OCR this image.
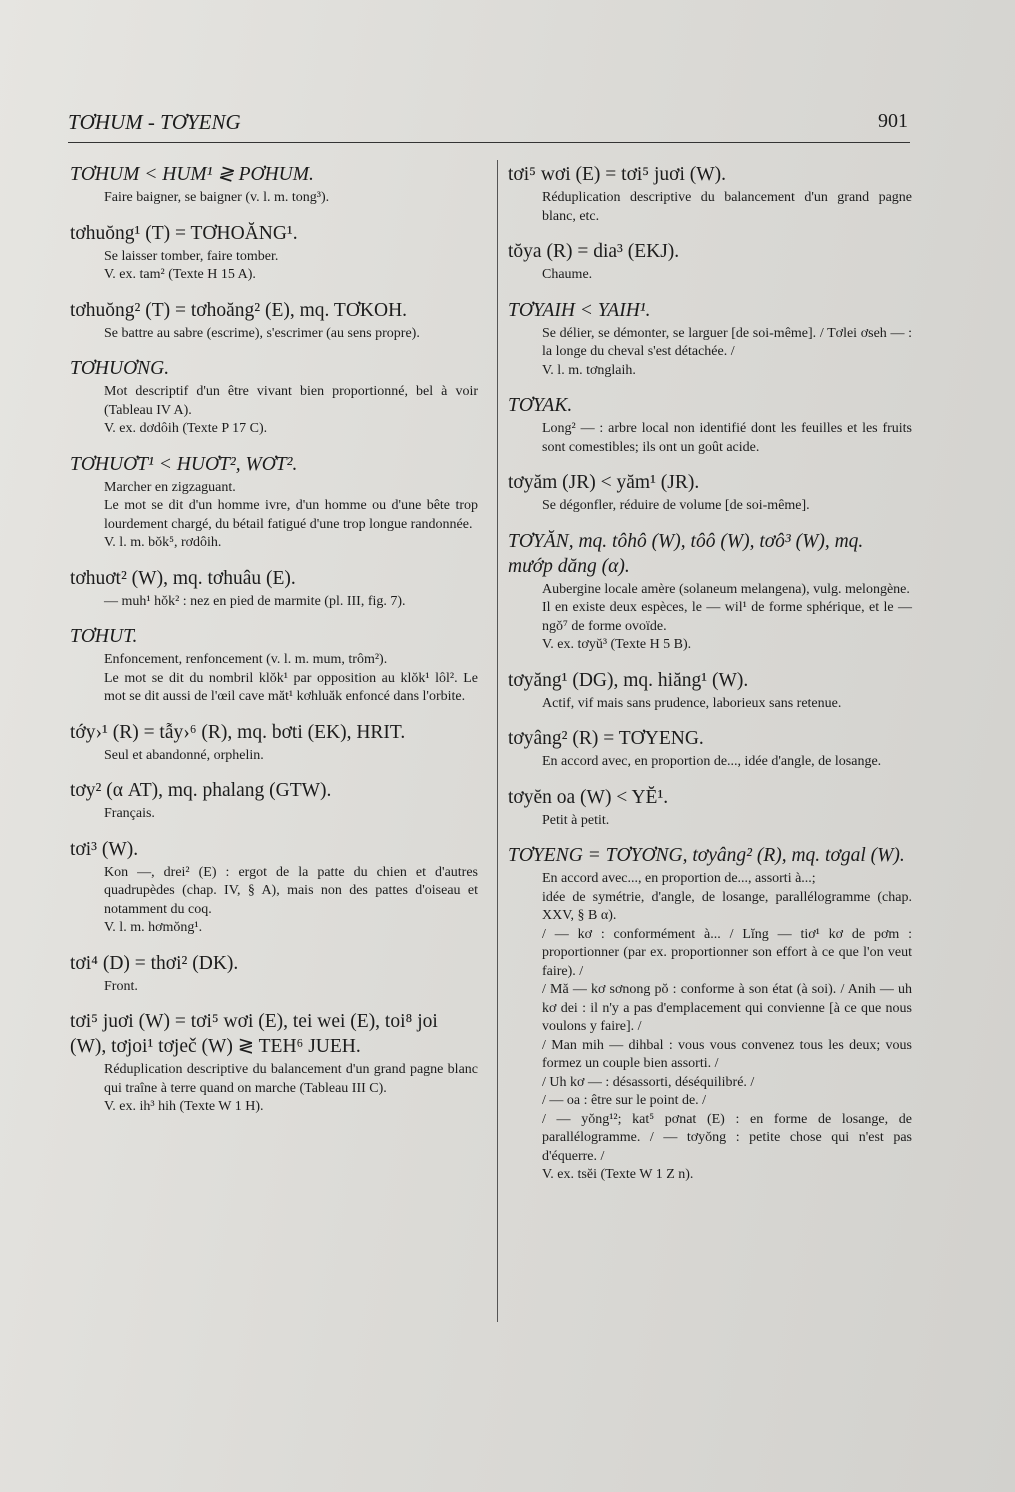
TƠHUM - TƠYENG	901
TƠHUM < HUM¹ ≷ PƠHUM.

Faire baigner, se baigner (v. l. m. tong³).

tơhuŏng¹ (T) = TƠHOĂNG¹.

Se laisser tomber, faire tomber.

V. ex. tam² (Texte H 15 A).

tơhuŏng² (T) = tơhoăng² (E), mq. TƠKOH.

Se battre au sabre (escrime), s'escrimer (au sens propre).

TƠHUƠNG.

Mot descriptif d'un être vivant bien proportionné, bel à voir (Tableau IV A).

V. ex. dơdôih (Texte P 17 C).

TƠHUƠT¹ < HUƠT², WƠT².

Marcher en zigzaguant.

Le mot se dit d'un homme ivre, d'un homme ou d'une bête trop lourdement chargé, du bétail fatigué d'une trop longue randonnée.

V. l. m. bŏk⁵, rơdôih.

tơhuơt² (W), mq. tơhuâu (E).

— muh¹ hŏk² : nez en pied de marmite (pl. III, fig. 7).

TƠHUT.

Enfoncement, renfoncement (v. l. m. mum, trôm²).

Le mot se dit du nombril klŏk¹ par opposition au klŏk¹ lôl². Le mot se dit aussi de l'œil cave măt¹ kơhluăk enfoncé dans l'orbite.

tớy›¹ (R) = tẫy›⁶ (R), mq. bơti (EK), HRIT.

Seul et abandonné, orphelin.

tơy² (α AT), mq. phalang (GTW).

Français.

tơi³ (W).

Kon —, drei² (E) : ergot de la patte du chien et d'autres quadrupèdes (chap. IV, § A), mais non des pattes d'oiseau et notamment du coq.

V. l. m. hơmŏng¹.

tơi⁴ (D) = thơi² (DK).

Front.

tơi⁵ juơi (W) = tơi⁵ wơi (E), tei wei (E), toi⁸ joi (W), tơjoi¹ tơječ (W) ≷ TEH⁶ JUEH.

Réduplication descriptive du balancement d'un grand pagne blanc qui traîne à terre quand on marche (Tableau III C).

V. ex. ih³ hih (Texte W 1 H).

tơi⁵ wơi (E) = tơi⁵ juơi (W).

Réduplication descriptive du balancement d'un grand pagne blanc, etc.

tŏya (R) = dia³ (EKJ).

Chaume.

TƠYAIH < YAIH¹.

Se délier, se démonter, se larguer [de soi-même]. / Tơlei ơseh — : la longe du cheval s'est détachée. /

V. l. m. tơnglaih.

TƠYAK.

Long² — : arbre local non identifié dont les feuilles et les fruits sont comestibles; ils ont un goût acide.

tơyăm (JR) < yăm¹ (JR).

Se dégonfler, réduire de volume [de soi-même].

TƠYĂN, mq. tôhô (W), tôô (W), tơô³ (W), mq. mướp dăng (α).

Aubergine locale amère (solaneum melangena), vulg. melongène.

Il en existe deux espèces, le — wil¹ de forme sphérique, et le — ngŏ⁷ de forme ovoïde.

V. ex. tơyŭ³ (Texte H 5 B).

tơyăng¹ (DG), mq. hiăng¹ (W).

Actif, vif mais sans prudence, laborieux sans retenue.

tơyâng² (R) = TƠYENG.

En accord avec, en proportion de..., idée d'angle, de losange.

tơyĕn oa (W) < YĔ¹.

Petit à petit.

TƠYENG = TƠYƠNG, tơyâng² (R), mq. tơgal (W).

En accord avec..., en proportion de..., assorti à...;

idée de symétrie, d'angle, de losange, parallélogramme (chap. XXV, § B α).

/ — kơ : conformément à... / Lĭng — tiơ¹ kơ de pơm : proportionner (par ex. proportionner son effort à ce que l'on veut faire). /

/ Mă — kơ sơnong pŏ : conforme à son état (à soi). / Anih — uh kơ dei : il n'y a pas d'emplacement qui convienne [à ce que nous voulons y faire]. /

/ Man mih — dihbal : vous vous convenez tous les deux; vous formez un couple bien assorti. /

/ Uh kơ — : désassorti, déséquilibré. /

/ — oa : être sur le point de. /

/ — yŏng¹²; kat⁵ pơnat (E) : en forme de losange, de parallélogramme. / — tơyŏng : petite chose qui n'est pas d'équerre. /

V. ex. tsĕi (Texte W 1 Z n).
